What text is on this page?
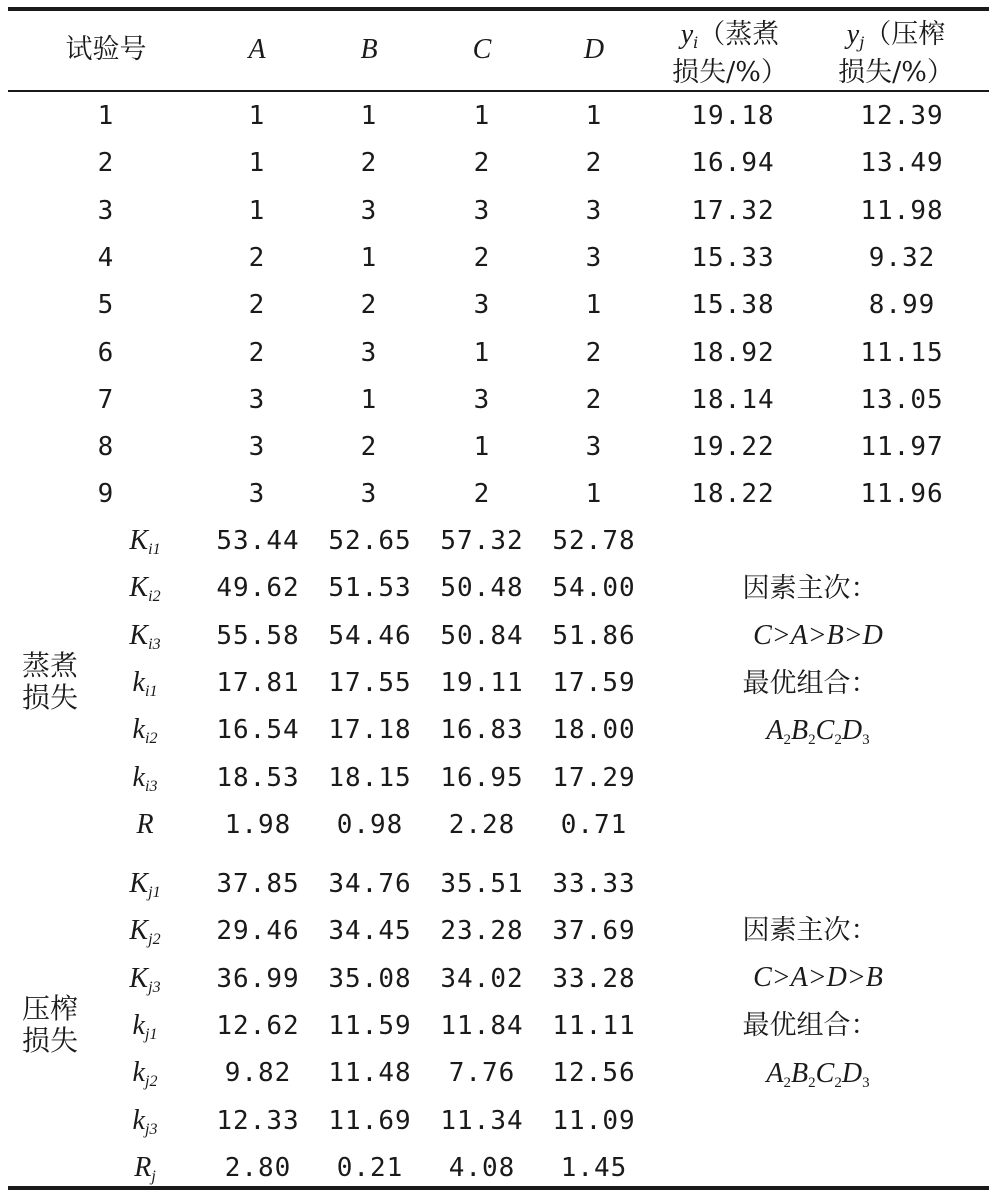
试验号	A	B	C	D	$y_i$（蒸煮
损失/%）
$y_j$（压榨
损失/%）
1	1	1	1	1	19.18	12.39
2	1	2	2	2	16.94	13.49
3	1	3	3	3	17.32	11.98
4	2	1	2	3	15.33	9.32
5	2	2	3	1	15.38	8.99
6	2	3	1	2	18.92	11.15
7	3	1	3	2	18.14	13.05
8	3	2	1	3	19.22	11.97
9	3	3	2	1	18.22	11.96
蒸煮
损失
$K_{i1}$ 53.44 52.65 57.32 52.78
$K_{i2}$ 49.62 51.53 50.48 54.00
$K_{i3}$ 55.58 54.46 50.84 51.86
$k_{i1}$ 17.81 17.55 19.11 17.59
$k_{i2}$ 16.54 17.18 16.83 18.00
$k_{i3}$ 18.53 18.15 16.95 17.29
R	1.98 0.98 2.28 0.71
因素主次：
C>A>B>D
最优组合：
$A_2B_2C_2D_3$
压榨
损失
$K_{j1}$ 37.85 34.76 35.51 33.33
$K_{j2}$ 29.46 34.45 23.28 37.69
$K_{j3}$ 36.99 35.08 34.02 33.28
$k_{j1}$ 12.62 11.59 11.84 11.11
$k_{j2}$	9.82 11.48 7.76 12.56
$k_{j3}$ 12.33 11.69 11.34 11.09
$R_j$	2.80 0.21 4.08 1.45
因素主次：
C>A>D>B
最优组合：
$A_2B_2C_2D_3$
